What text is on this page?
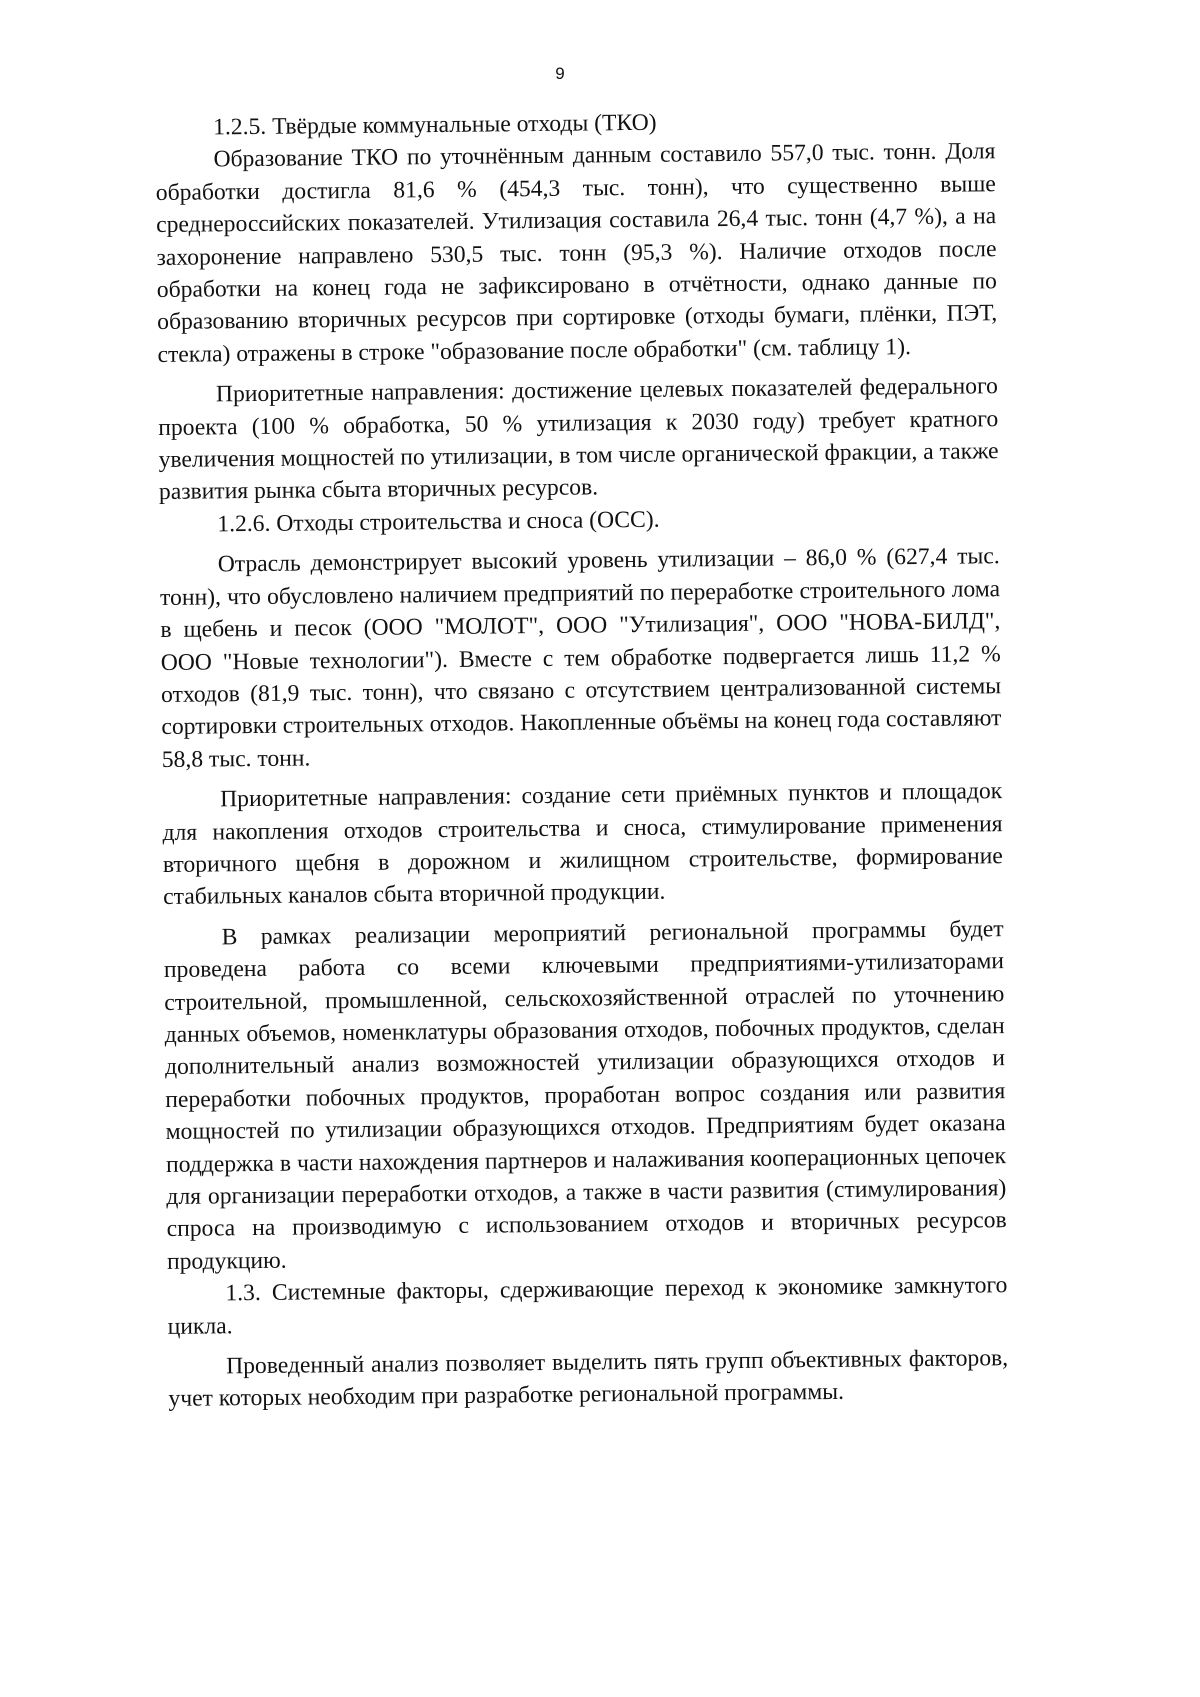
9

1.2.5. Твёрдые коммунальные отходы (ТКО)

Образование ТКО по уточнённым данным составило 557,0 тыс. тонн. Доля обработки достигла 81,6 % (454,3 тыс. тонн), что существенно выше среднероссийских показателей. Утилизация составила 26,4 тыс. тонн (4,7 %), а на захоронение направлено 530,5 тыс. тонн (95,3 %). Наличие отходов после обработки на конец года не зафиксировано в отчётности, однако данные по образованию вторичных ресурсов при сортировке (отходы бумаги, плёнки, ПЭТ, стекла) отражены в строке "образование после обработки" (см. таблицу 1).

Приоритетные направления: достижение целевых показателей федерального проекта (100 % обработка, 50 % утилизация к 2030 году) требует кратного увеличения мощностей по утилизации, в том числе органической фракции, а также развития рынка сбыта вторичных ресурсов.

1.2.6. Отходы строительства и сноса (ОСС).

Отрасль демонстрирует высокий уровень утилизации – 86,0 % (627,4 тыс. тонн), что обусловлено наличием предприятий по переработке строительного лома в щебень и песок (ООО "МОЛОТ", ООО "Утилизация", ООО "НОВА-БИЛД", ООО "Новые технологии"). Вместе с тем обработке подвергается лишь 11,2 % отходов (81,9 тыс. тонн), что связано с отсутствием централизованной системы сортировки строительных отходов. Накопленные объёмы на конец года составляют 58,8 тыс. тонн.

Приоритетные направления: создание сети приёмных пунктов и площадок для накопления отходов строительства и сноса, стимулирование применения вторичного щебня в дорожном и жилищном строительстве, формирование стабильных каналов сбыта вторичной продукции.

В рамках реализации мероприятий региональной программы будет проведена работа со всеми ключевыми предприятиями-утилизаторами строительной, промышленной, сельскохозяйственной отраслей по уточнению данных объемов, номенклатуры образования отходов, побочных продуктов, сделан дополнительный анализ возможностей утилизации образующихся отходов и переработки побочных продуктов, проработан вопрос создания или развития мощностей по утилизации образующихся отходов. Предприятиям будет оказана поддержка в части нахождения партнеров и налаживания кооперационных цепочек для организации переработки отходов, а также в части развития (стимулирования) спроса на производимую с использованием отходов и вторичных ресурсов продукцию.

1.3. Системные факторы, сдерживающие переход к экономике замкнутого цикла.

Проведенный анализ позволяет выделить пять групп объективных факторов, учет которых необходим при разработке региональной программы.
